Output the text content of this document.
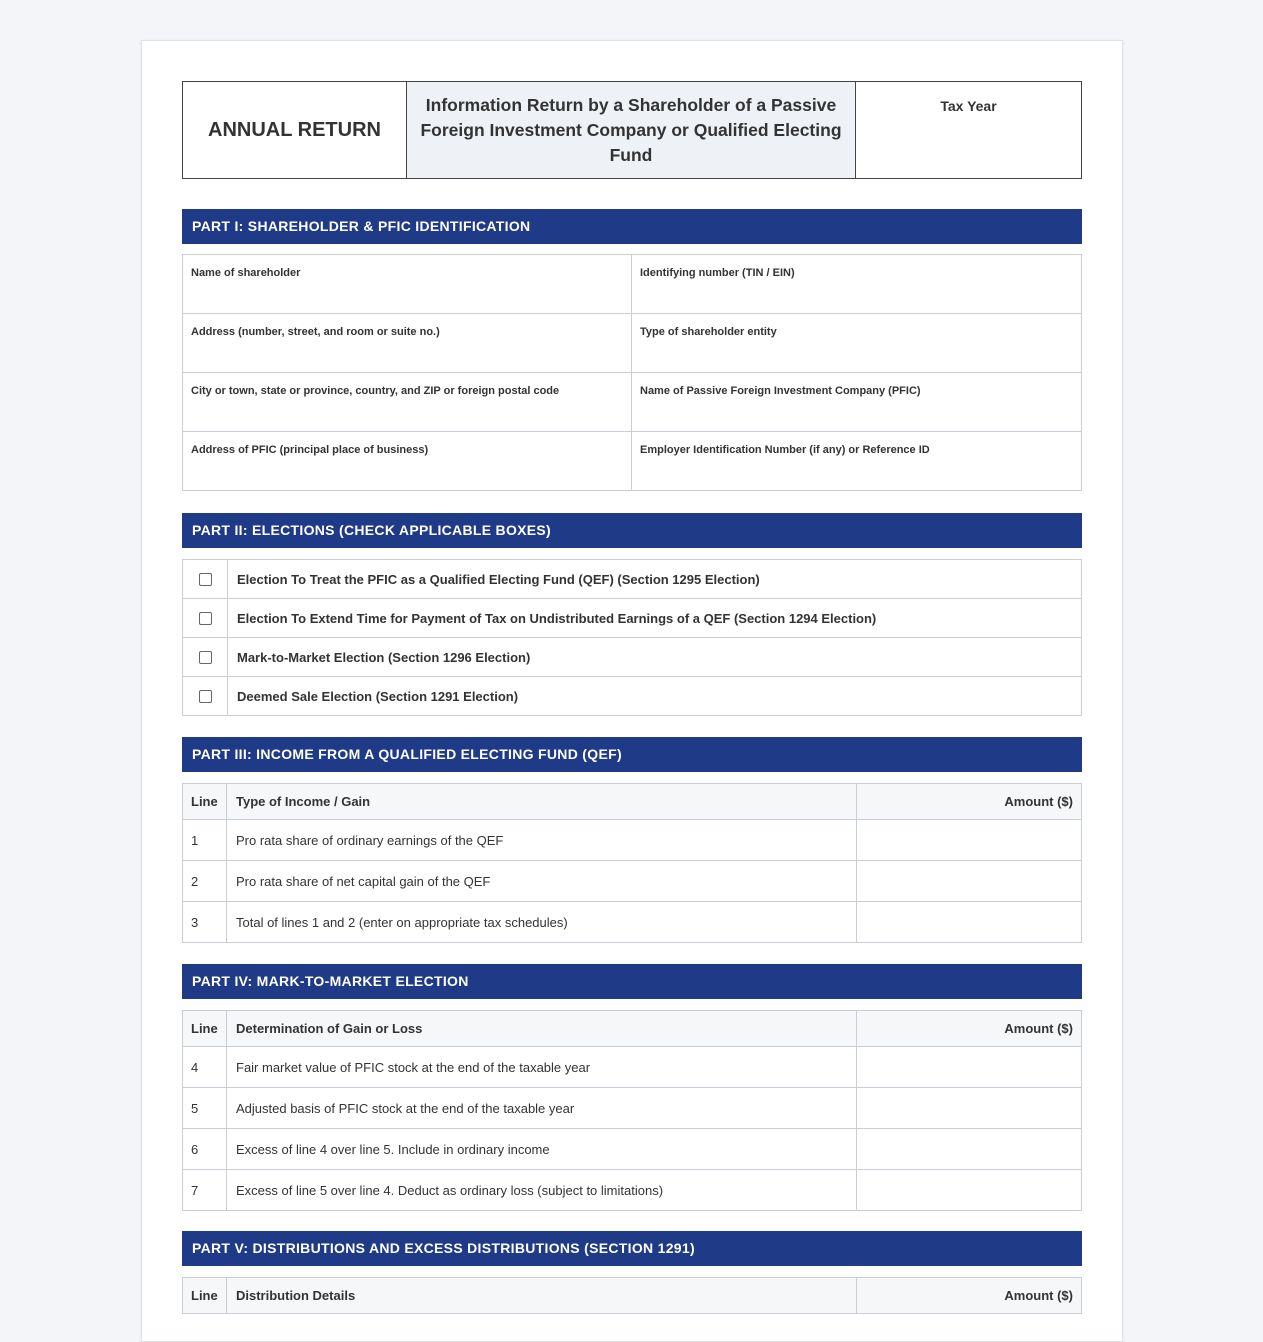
ANNUAL RETURN
Information Return by a Shareholder of a Passive Foreign Investment Company or Qualified Electing Fund
Tax Year
PART I: SHAREHOLDER & PFIC IDENTIFICATION
Name of shareholder	Identifying number (TIN / EIN)
Address (number, street, and room or suite no.)	Type of shareholder entity
City or town, state or province, country, and ZIP or foreign postal code	Name of Passive Foreign Investment Company (PFIC)
Address of PFIC (principal place of business)	Employer Identification Number (if any) or Reference ID
PART II: ELECTIONS (CHECK APPLICABLE BOXES)
Election To Treat the PFIC as a Qualified Electing Fund (QEF) (Section 1295 Election)
Election To Extend Time for Payment of Tax on Undistributed Earnings of a QEF (Section 1294 Election)
Mark-to-Market Election (Section 1296 Election)
Deemed Sale Election (Section 1291 Election)
PART III: INCOME FROM A QUALIFIED ELECTING FUND (QEF)
Line	Type of Income / Gain	Amount ($)
1	Pro rata share of ordinary earnings of the QEF
2	Pro rata share of net capital gain of the QEF
3	Total of lines 1 and 2 (enter on appropriate tax schedules)
PART IV: MARK-TO-MARKET ELECTION
Line	Determination of Gain or Loss	Amount ($)
4	Fair market value of PFIC stock at the end of the taxable year
5	Adjusted basis of PFIC stock at the end of the taxable year
6	Excess of line 4 over line 5. Include in ordinary income
7	Excess of line 5 over line 4. Deduct as ordinary loss (subject to limitations)
PART V: DISTRIBUTIONS AND EXCESS DISTRIBUTIONS (SECTION 1291)
Line	Distribution Details	Amount ($)
